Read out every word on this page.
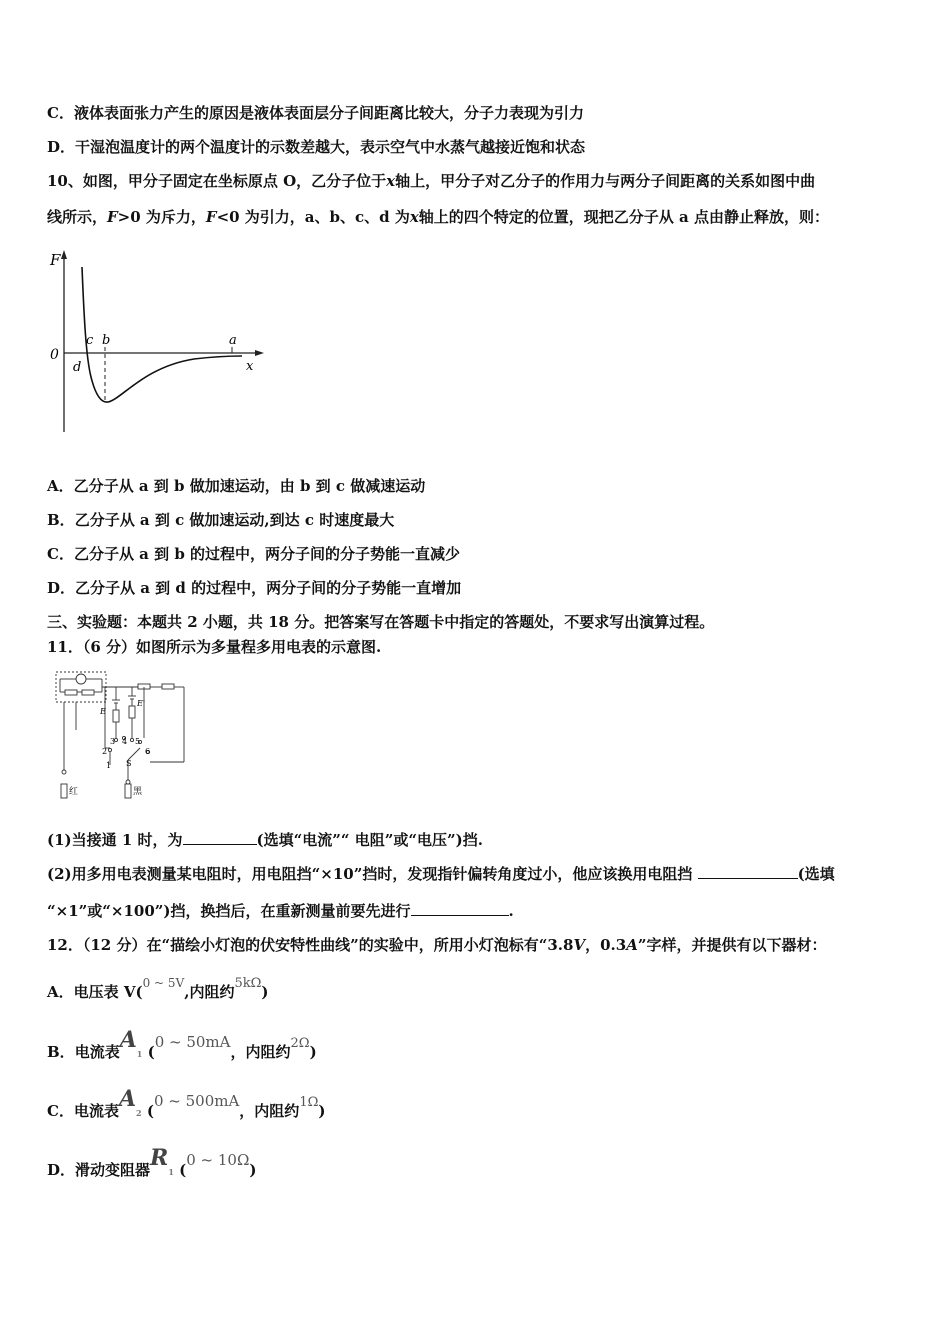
C．液体表面张力产生的原因是液体表面层分子间距离比较大，分子力表现为引力
D．干湿泡温度计的两个温度计的示数差越大，表示空气中水蒸气越接近饱和状态
10、如图，甲分子固定在坐标原点 O，乙分子位于x轴上，甲分子对乙分子的作用力与两分子间距离的关系如图中曲
线所示，F>0 为斥力，F<0 为引力，a、b、c、d 为x轴上的四个特定的位置，现把乙分子从 a 点由静止释放，则：
F
0
c b	a
d	x
A．乙分子从 a 到 b 做加速运动，由 b 到 c 做减速运动
B．乙分子从 a 到 c 做加速运动,到达 c 时速度最大
C．乙分子从 a 到 b 的过程中，两分子间的分子势能一直减少
D．乙分子从 a 到 d 的过程中，两分子间的分子势能一直增加
三、实验题：本题共 2 小题，共 18 分。把答案写在答题卡中指定的答题处，不要求写出演算过程。
11．（6 分）如图所示为多量程多用电表的示意图.
E
E'
1
2
3 4 5
6
S
红	黑
(1)当接通 1 时，为	(选填“电流”“ 电阻”或“电压”)挡.
(2)用多用电表测量某电阻时，用电阻挡“×10”挡时，发现指针偏转角度过小，他应该换用电阻挡	(选填
“×1”或“×100”)挡，换挡后，在重新测量前要先进行	.
12．（12 分）在“描绘小灯泡的伏安特性曲线”的实验中，所用小灯泡标有“3.8V，0.3A”字样，并提供有以下器材：
A．电压表 V($^{0 \sim 5V}$,内阻约5kΩ)
B．电流表A1 (0 ~ 50mA，内阻约2Ω)
C．电流表A2 (0 ~ 500mA，内阻约1Ω)
D．滑动变阻器R1 (0 ~ 10Ω)
